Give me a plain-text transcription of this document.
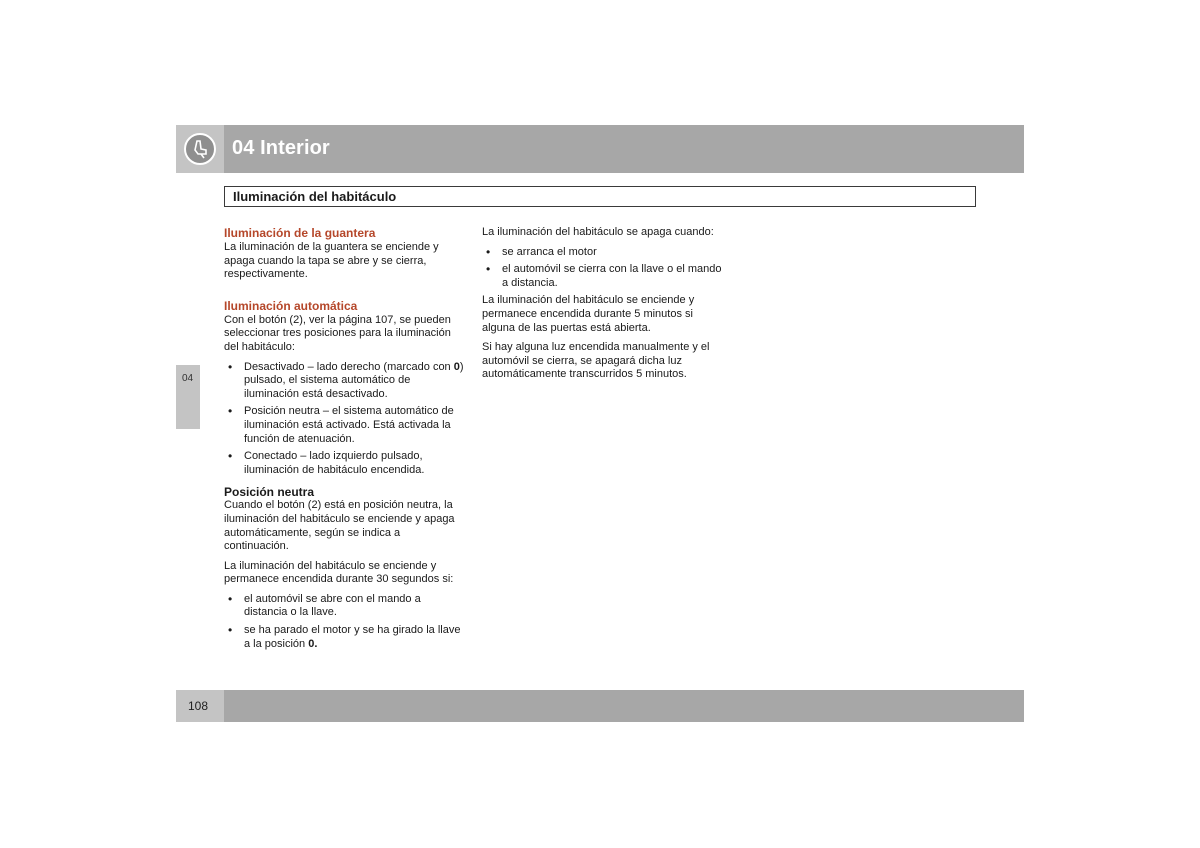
04 Interior
Iluminación del habitáculo
04
Iluminación de la guantera
La iluminación de la guantera se enciende y apaga cuando la tapa se abre y se cierra, respectivamente.
Iluminación automática
Con el botón (2), ver la página 107, se pueden seleccionar tres posiciones para la iluminación del habitáculo:
• Desactivado – lado derecho (marcado con 0) pulsado, el sistema automático de iluminación está desactivado.
• Posición neutra – el sistema automático de iluminación está activado. Está activada la función de atenuación.
• Conectado – lado izquierdo pulsado, iluminación de habitáculo encendida.
Posición neutra
Cuando el botón (2) está en posición neutra, la iluminación del habitáculo se enciende y apaga automáticamente, según se indica a continuación.
La iluminación del habitáculo se enciende y permanece encendida durante 30 segundos si:
• el automóvil se abre con el mando a distancia o la llave.
• se ha parado el motor y se ha girado la llave a la posición 0.
La iluminación del habitáculo se apaga cuando:
• se arranca el motor
• el automóvil se cierra con la llave o el mando a distancia.
La iluminación del habitáculo se enciende y permanece encendida durante 5 minutos si alguna de las puertas está abierta.
Si hay alguna luz encendida manualmente y el automóvil se cierra, se apagará dicha luz automáticamente transcurridos 5 minutos.
108
